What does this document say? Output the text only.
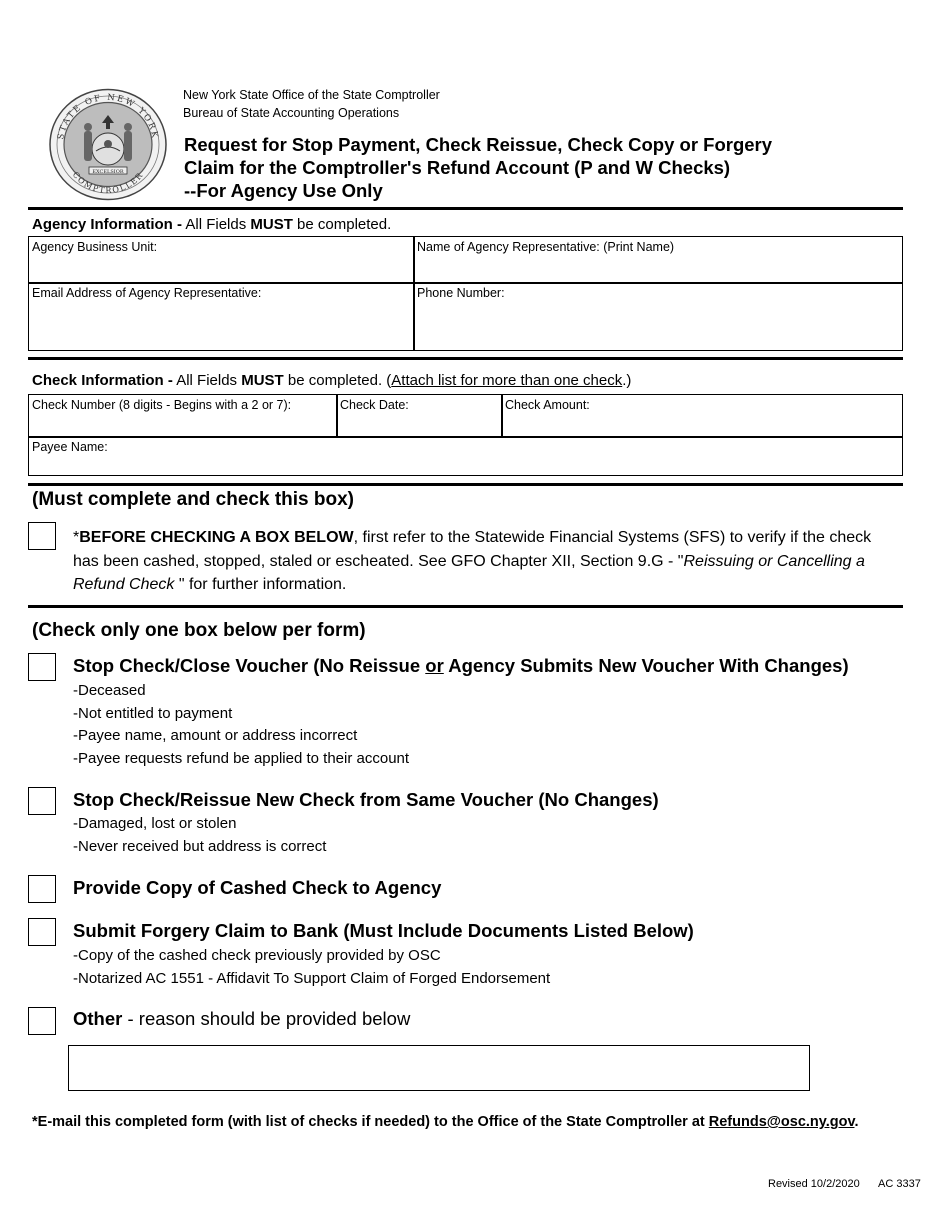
STATE OF NEW YORK
COMPTROLLER
EXCELSIOR
New York State Office of the State Comptroller
Bureau of State Accounting Operations
Request for Stop Payment, Check Reissue, Check Copy or Forgery
Claim for the Comptroller's Refund Account (P and W Checks)
--For Agency Use Only
Agency Information - All Fields MUST be completed.
Agency Business Unit:	Name of Agency Representative: (Print Name)
Email Address of Agency Representative:	Phone Number:
Check Information - All Fields MUST be completed. (Attach list for more than one check.)
Check Number (8 digits - Begins with a 2 or 7):	Check Date:	Check Amount:
Payee Name:
(Must complete and check this box)
*BEFORE CHECKING A BOX BELOW, first refer to the Statewide Financial Systems (SFS) to verify if the check has been cashed, stopped, staled or escheated. See GFO Chapter XII, Section 9.G - "Reissuing or Cancelling a Refund Check " for further information.
(Check only one box below per form)
Stop Check/Close Voucher (No Reissue or Agency Submits New Voucher With Changes)
-Deceased
-Not entitled to payment
-Payee name, amount or address incorrect
-Payee requests refund be applied to their account
Stop Check/Reissue New Check from Same Voucher (No Changes)
-Damaged, lost or stolen
-Never received but address is correct
Provide Copy of Cashed Check to Agency
Submit Forgery Claim to Bank (Must Include Documents Listed Below)
-Copy of the cashed check previously provided by OSC
-Notarized AC 1551 - Affidavit To Support Claim of Forged Endorsement
Other - reason should be provided below
*E-mail this completed form (with list of checks if needed) to the Office of the State Comptroller at Refunds@osc.ny.gov.
Revised 10/2/2020 AC 3337
